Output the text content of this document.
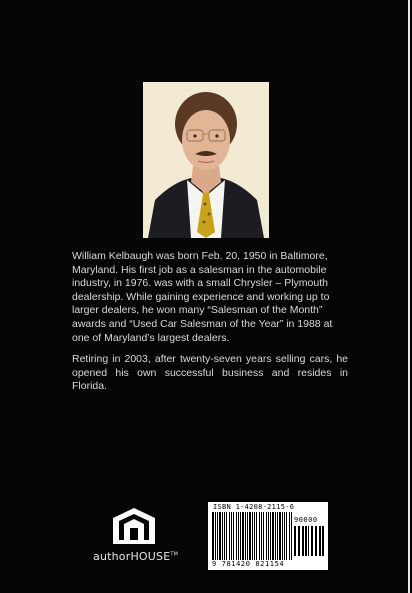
William Kelbaugh was born Feb. 20, 1950 in Baltimore, Maryland. His first job as a salesman in the automobile industry, in 1976. was with a small Chrysler – Plymouth dealership. While gaining experience and working up to larger dealers, he won many “Salesman of the Month” awards and “Used Car Salesman of the Year” in 1988 at one of Maryland’s largest dealers.

Retiring in 2003, after twenty-seven years selling cars, he opened his own successful business and resides in Florida.

authorHOUSE™
ISBN 1-4208-2115-6
90000
9 781420 821154
